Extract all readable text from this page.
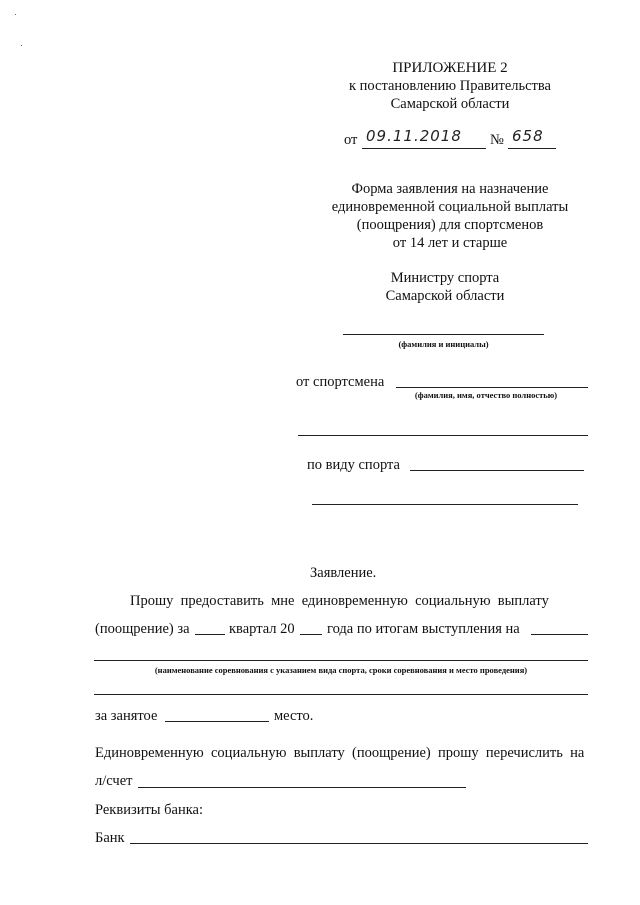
ПРИЛОЖЕНИЕ 2
к постановлению Правительства
Самарской области
от 09.11.2018 № 658
Форма заявления на назначение
единовременной социальной выплаты
(поощрения) для спортсменов
от 14 лет и старше
Министру спорта
Самарской области
(фамилия и инициалы)
от спортсмена
(фамилия, имя, отчество полностью)
по виду спорта
Заявление.
Прошу  предоставить  мне  единовременную  социальную  выплату
(поощрение) за	квартал 20 года по итогам выступления на
(наименование соревнования с указанием вида спорта, сроки соревнования и место проведения)
за занятое	место.
Единовременную  социальную  выплату  (поощрение)  прошу  перечислить  на
л/счет
Реквизиты банка:
Банк
